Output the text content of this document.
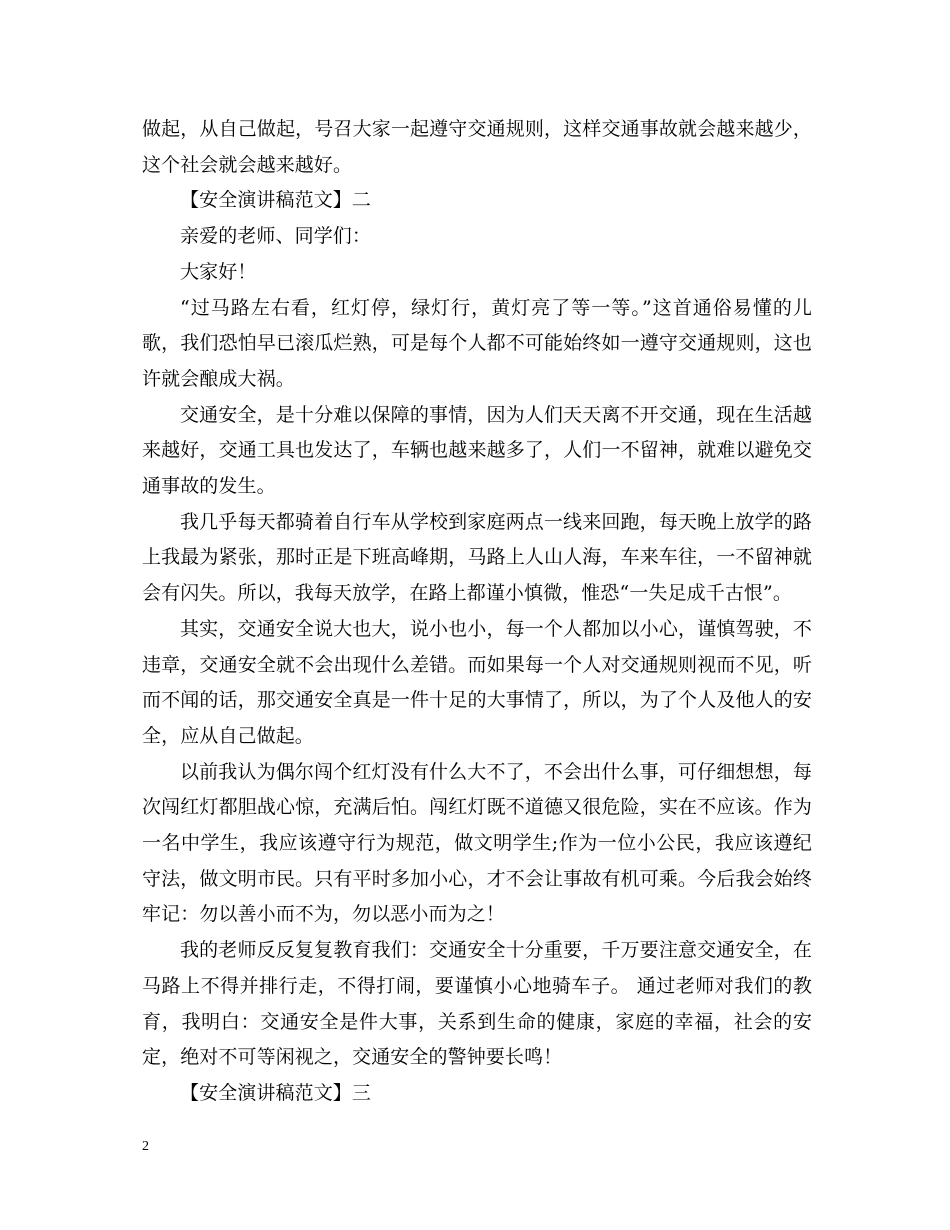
做起，从自己做起，号召大家一起遵守交通规则，这样交通事故就会越来越少，这个社会就会越来越好。

【安全演讲稿范文】二

亲爱的老师、同学们：

大家好！

“过马路左右看，红灯停，绿灯行，黄灯亮了等一等。”这首通俗易懂的儿歌，我们恐怕早已滚瓜烂熟，可是每个人都不可能始终如一遵守交通规则，这也许就会酿成大祸。

交通安全，是十分难以保障的事情，因为人们天天离不开交通，现在生活越来越好，交通工具也发达了，车辆也越来越多了，人们一不留神，就难以避免交通事故的发生。

我几乎每天都骑着自行车从学校到家庭两点一线来回跑，每天晚上放学的路上我最为紧张，那时正是下班高峰期，马路上人山人海，车来车往，一不留神就会有闪失。所以，我每天放学，在路上都谨小慎微，惟恐“一失足成千古恨”。

其实，交通安全说大也大，说小也小，每一个人都加以小心，谨慎驾驶，不违章，交通安全就不会出现什么差错。而如果每一个人对交通规则视而不见，听而不闻的话，那交通安全真是一件十足的大事情了，所以，为了个人及他人的安全，应从自己做起。

以前我认为偶尔闯个红灯没有什么大不了，不会出什么事，可仔细想想，每次闯红灯都胆战心惊，充满后怕。闯红灯既不道德又很危险，实在不应该。作为一名中学生，我应该遵守行为规范，做文明学生;作为一位小公民，我应该遵纪守法，做文明市民。只有平时多加小心，才不会让事故有机可乘。今后我会始终牢记：勿以善小而不为，勿以恶小而为之！

我的老师反反复复教育我们：交通安全十分重要，千万要注意交通安全，在马路上不得并排行走，不得打闹，要谨慎小心地骑车子。 通过老师对我们的教育，我明白：交通安全是件大事，关系到生命的健康，家庭的幸福，社会的安定，绝对不可等闲视之，交通安全的警钟要长鸣！

【安全演讲稿范文】三

2
